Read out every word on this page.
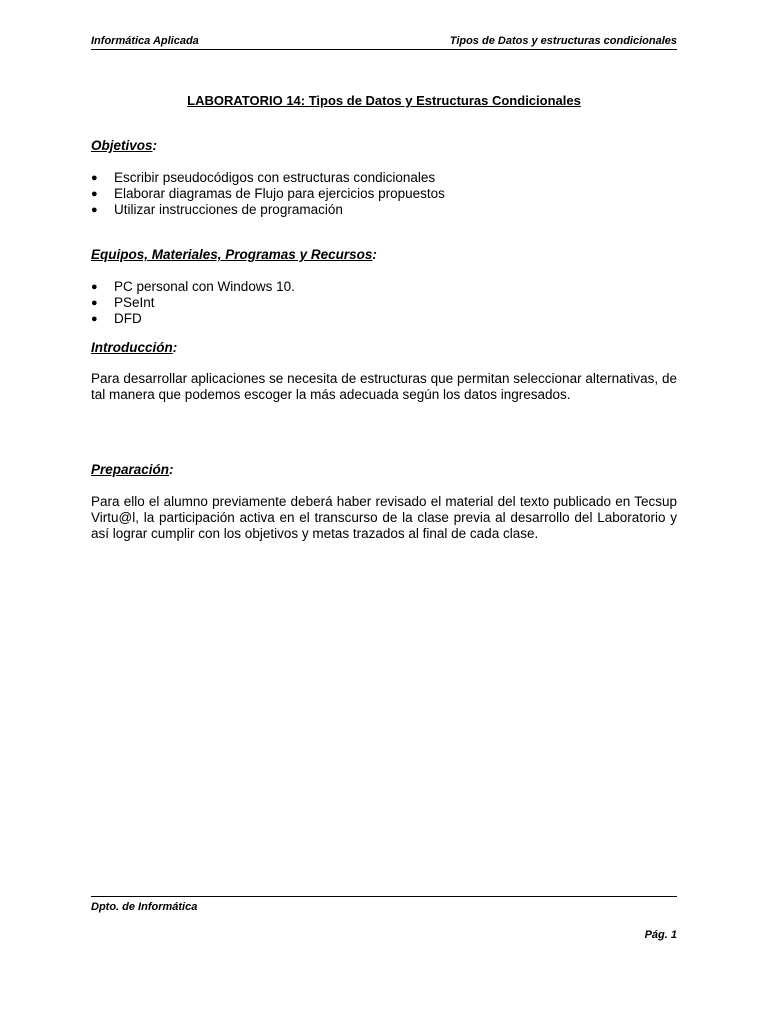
Informática Aplicada	Tipos de Datos y estructuras condicionales
LABORATORIO 14: Tipos de Datos y Estructuras Condicionales
Objetivos:
● Escribir pseudocódigos con estructuras condicionales
● Elaborar diagramas de Flujo para ejercicios propuestos
● Utilizar instrucciones de programación
Equipos, Materiales, Programas y Recursos:
● PC personal con Windows 10.
● PSeInt
● DFD
Introducción:

Para desarrollar aplicaciones se necesita de estructuras que permitan seleccionar alternativas, de tal manera que podemos escoger la más adecuada según los datos ingresados.

Preparación:

Para ello el alumno previamente deberá haber revisado el material del texto publicado en Tecsup Virtu@l, la participación activa en el transcurso de la clase previa al desarrollo del Laboratorio y así lograr cumplir con los objetivos y metas trazados al final de cada clase.

Dpto. de Informática
Pág. 1
